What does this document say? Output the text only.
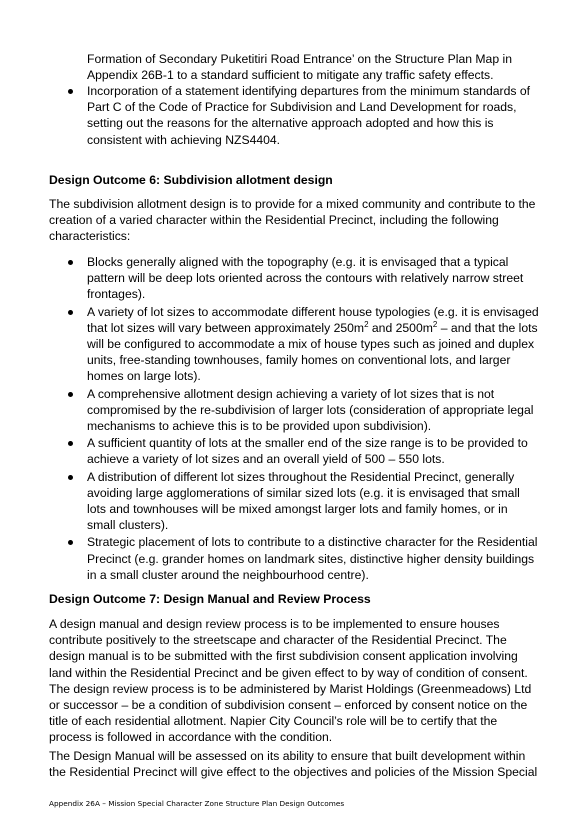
Formation of Secondary Puketitiri Road Entrance’ on the Structure Plan Map in Appendix 26B-1 to a standard sufficient to mitigate any traffic safety effects.

Incorporation of a statement identifying departures from the minimum standards of Part C of the Code of Practice for Subdivision and Land Development for roads, setting out the reasons for the alternative approach adopted and how this is consistent with achieving NZS4404.
Design Outcome 6: Subdivision allotment design

The subdivision allotment design is to provide for a mixed community and contribute to the creation of a varied character within the Residential Precinct, including the following characteristics:

Blocks generally aligned with the topography (e.g. it is envisaged that a typical pattern will be deep lots oriented across the contours with relatively narrow street frontages).
A variety of lot sizes to accommodate different house typologies (e.g. it is envisaged that lot sizes will vary between approximately $250m^2$ and $2500m^2$ – and that the lots will be configured to accommodate a mix of house types such as joined and duplex units, free-standing townhouses, family homes on conventional lots, and larger homes on large lots).
A comprehensive allotment design achieving a variety of lot sizes that is not compromised by the re-subdivision of larger lots (consideration of appropriate legal mechanisms to achieve this is to be provided upon subdivision).
A sufficient quantity of lots at the smaller end of the size range is to be provided to achieve a variety of lot sizes and an overall yield of 500 – 550 lots.
A distribution of different lot sizes throughout the Residential Precinct, generally avoiding large agglomerations of similar sized lots (e.g. it is envisaged that small lots and townhouses will be mixed amongst larger lots and family homes, or in small clusters).
Strategic placement of lots to contribute to a distinctive character for the Residential Precinct (e.g. grander homes on landmark sites, distinctive higher density buildings in a small cluster around the neighbourhood centre).
Design Outcome 7: Design Manual and Review Process

A design manual and design review process is to be implemented to ensure houses contribute positively to the streetscape and character of the Residential Precinct. The design manual is to be submitted with the first subdivision consent application involving land within the Residential Precinct and be given effect to by way of condition of consent. The design review process is to be administered by Marist Holdings (Greenmeadows) Ltd or successor – be a condition of subdivision consent – enforced by consent notice on the title of each residential allotment. Napier City Council’s role will be to certify that the process is followed in accordance with the condition.

The Design Manual will be assessed on its ability to ensure that built development within the Residential Precinct will give effect to the objectives and policies of the Mission Special

Appendix 26A – Mission Special Character Zone Structure Plan Design Outcomes
